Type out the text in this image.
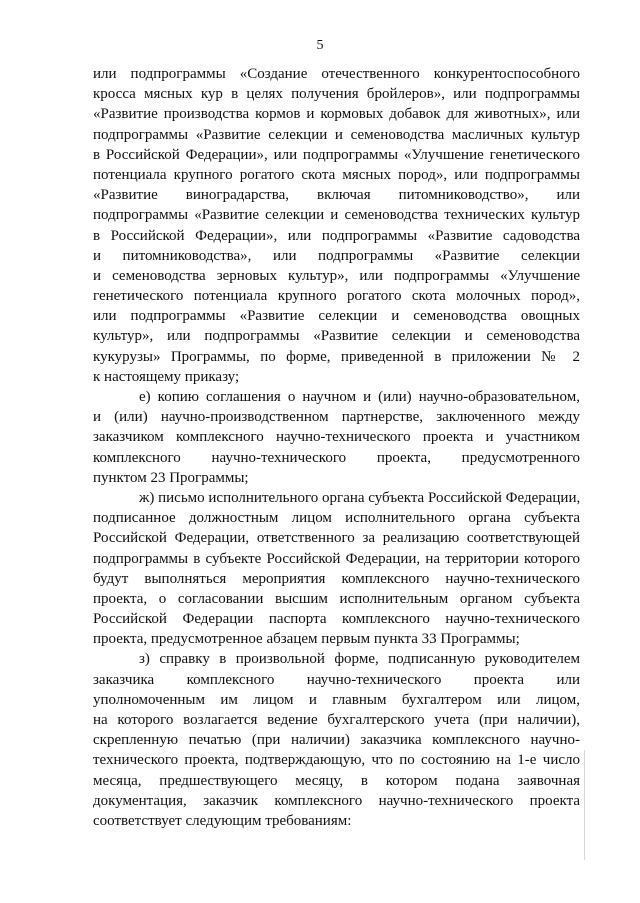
5
или подпрограммы «Создание отечественного конкурентоспособного
кросса мясных кур в целях получения бройлеров», или подпрограммы
«Развитие производства кормов и кормовых добавок для животных», или
подпрограммы «Развитие селекции и семеноводства масличных культур
в Российской Федерации», или подпрограммы «Улучшение генетического
потенциала крупного рогатого скота мясных пород», или подпрограммы
«Развитие виноградарства, включая питомниководство», или
подпрограммы «Развитие селекции и семеноводства технических культур
в Российской Федерации», или подпрограммы «Развитие садоводства
и питомниководства», или подпрограммы «Развитие селекции
и семеноводства зерновых культур», или подпрограммы «Улучшение
генетического потенциала крупного рогатого скота молочных пород»,
или подпрограммы «Развитие селекции и семеноводства овощных
культур», или подпрограммы «Развитие селекции и семеноводства
кукурузы» Программы, по форме, приведенной в приложении № 2
к настоящему приказу;
е) копию соглашения о научном и (или) научно-образовательном,
и (или) научно-производственном партнерстве, заключенного между
заказчиком комплексного научно-технического проекта и участником
комплексного научно-технического проекта, предусмотренного
пунктом 23 Программы;
ж) письмо исполнительного органа субъекта Российской Федерации,
подписанное должностным лицом исполнительного органа субъекта
Российской Федерации, ответственного за реализацию соответствующей
подпрограммы в субъекте Российской Федерации, на территории которого
будут выполняться мероприятия комплексного научно-технического
проекта, о согласовании высшим исполнительным органом субъекта
Российской Федерации паспорта комплексного научно-технического
проекта, предусмотренное абзацем первым пункта 33 Программы;
з) справку в произвольной форме, подписанную руководителем
заказчика комплексного научно-технического проекта или
уполномоченным им лицом и главным бухгалтером или лицом,
на которого возлагается ведение бухгалтерского учета (при наличии),
скрепленную печатью (при наличии) заказчика комплексного научно-
технического проекта, подтверждающую, что по состоянию на 1-е число
месяца, предшествующего месяцу, в котором подана заявочная
документация, заказчик комплексного научно-технического проекта
соответствует следующим требованиям:
